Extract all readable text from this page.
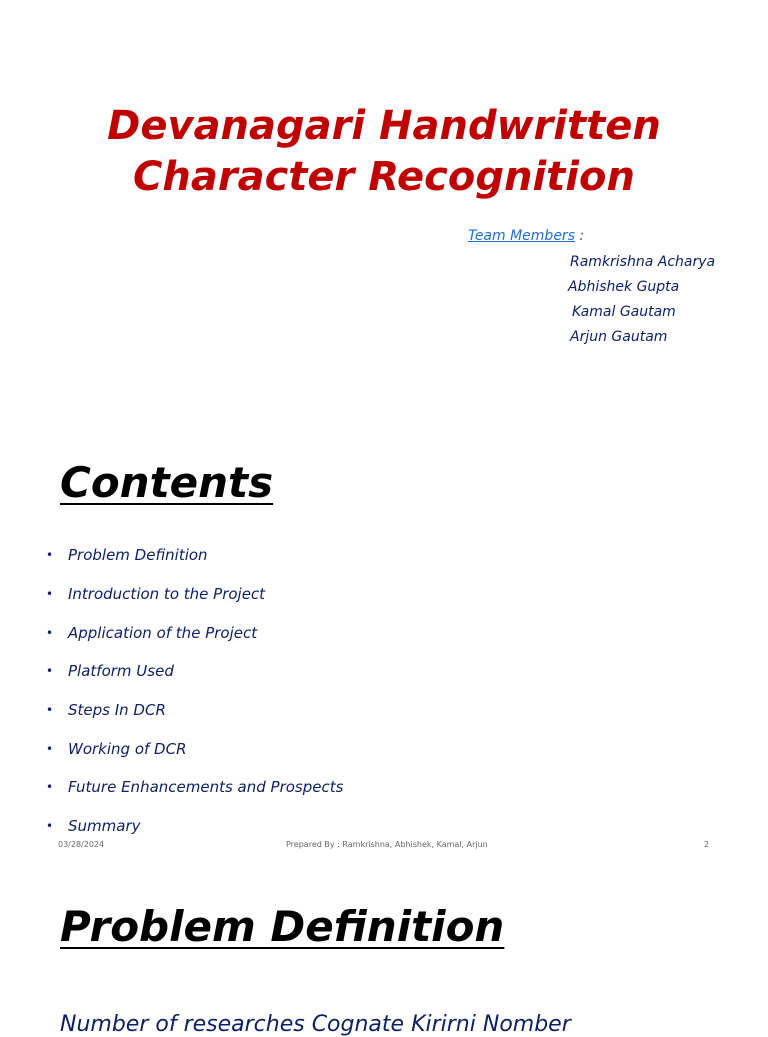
Devanagari Handwritten
Character Recognition
Team Members :
Ramkrishna Acharya
Abhishek Gupta
Kamal Gautam
Arjun Gautam
Contents
• Problem Definition
• Introduction to the Project
• Application of the Project
• Platform Used
• Steps In DCR
• Working of DCR
• Future Enhancements and Prospects
• Summary
03/28/2024	Prepared By : Ramkrishna, Abhishek, Kamal, Arjun	2
Problem Definition
Number of researches Cognate Kirirni Nomber
